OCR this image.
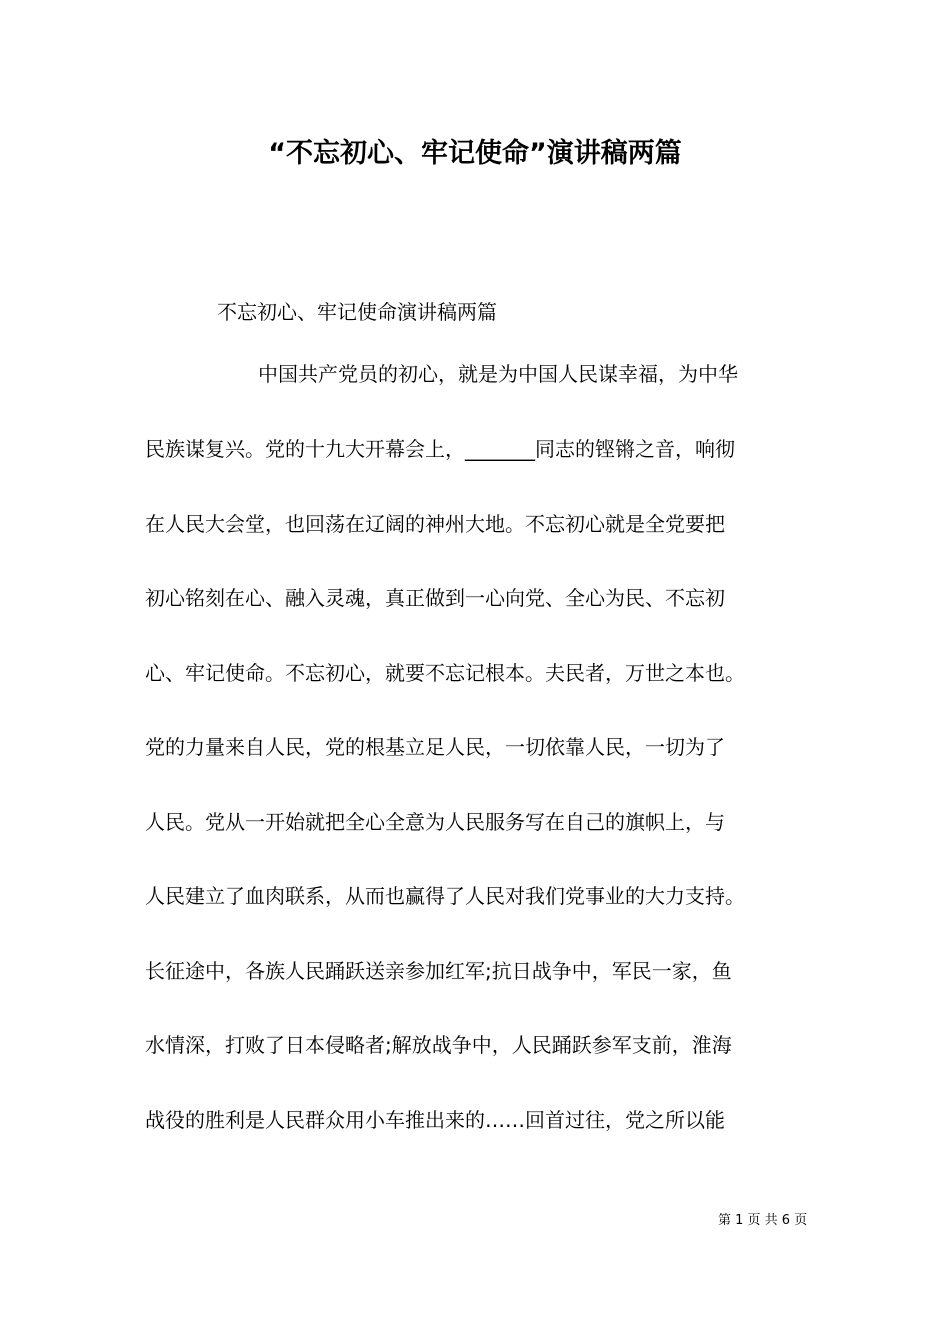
“不忘初心、牢记使命”演讲稿两篇
不忘初心、牢记使命演讲稿两篇
中国共产党员的初心，就是为中国人民谋幸福，为中华
民族谋复兴。党的十九大开幕会上，_______同志的铿锵之音，响彻
在人民大会堂，也回荡在辽阔的神州大地。不忘初心就是全党要把
初心铭刻在心、融入灵魂，真正做到一心向党、全心为民、不忘初
心、牢记使命。不忘初心，就要不忘记根本。夫民者，万世之本也。
党的力量来自人民，党的根基立足人民，一切依靠人民，一切为了
人民。党从一开始就把全心全意为人民服务写在自己的旗帜上，与
人民建立了血肉联系，从而也赢得了人民对我们党事业的大力支持。
长征途中，各族人民踊跃送亲参加红军;抗日战争中，军民一家，鱼
水情深，打败了日本侵略者;解放战争中，人民踊跃参军支前，淮海
战役的胜利是人民群众用小车推出来的……回首过往，党之所以能
第 1 页 共 6 页
